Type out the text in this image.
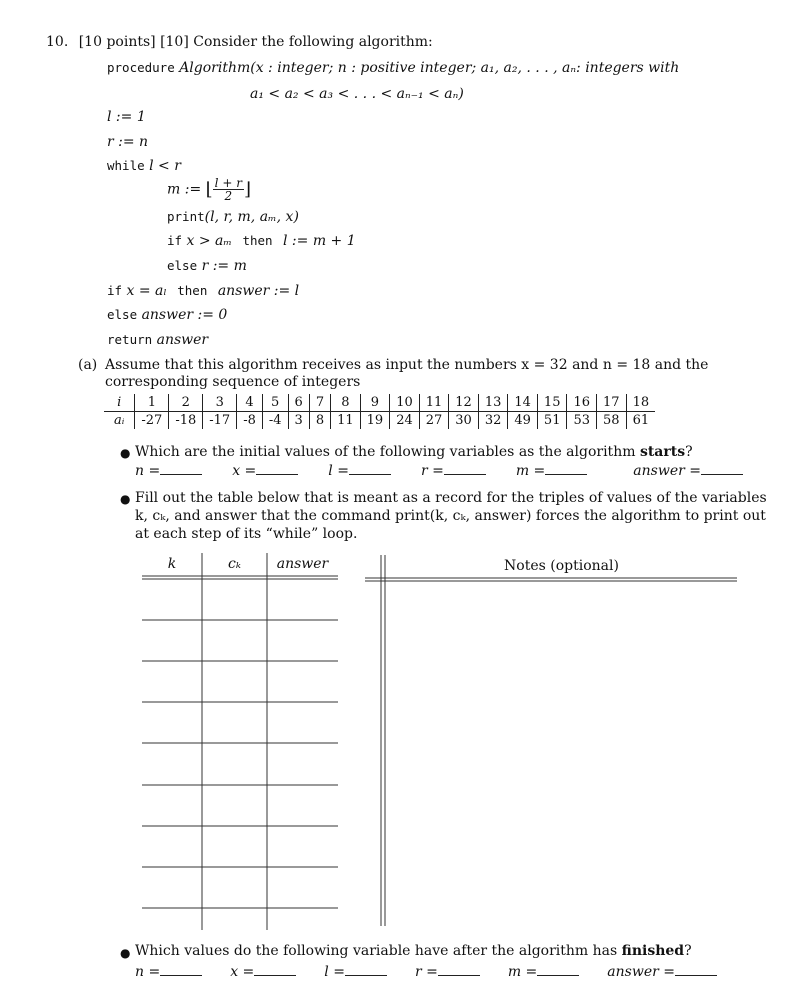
10. [10 points] [10] Consider the following algorithm:
procedure Algorithm(x : integer; n : positive integer; a₁, a₂, . . . , aₙ: integers with
a₁ < a₂ < a₃ < . . . < aₙ₋₁ < aₙ)
l := 1
r := n
while l < r
m := ⌊ $\frac{l + r}{2}$ ⌋
print(l, r, m, aₘ, x)
if x > aₘ then l := m + 1
else r := m
if x = aₗ then answer := l
else answer := 0
return answer
(a) Assume that this algorithm receives as input the numbers x = 32 and n = 18 and the
corresponding sequence of integers
i	1	2	3	4	5	6	7	8	9	10	11	12	13	14	15	16	17	18
aᵢ	-27	-18	-17	-8	-4	3	8	11	19	24	27	30	32	49	51	53	58	61
● Which are the initial values of the following variables as the algorithm starts?
n =	x =	l =	r =	m =	answer =
● Fill out the table below that is meant as a record for the triples of values of the variables
k, cₖ, and answer that the command print(k, cₖ, answer) forces the algorithm to print out
at each step of its “while” loop.
k	cₖ	answer	Notes (optional)
● Which values do the following variable have after the algorithm has finished?
n =	x =	l =	r =	m =	answer =
